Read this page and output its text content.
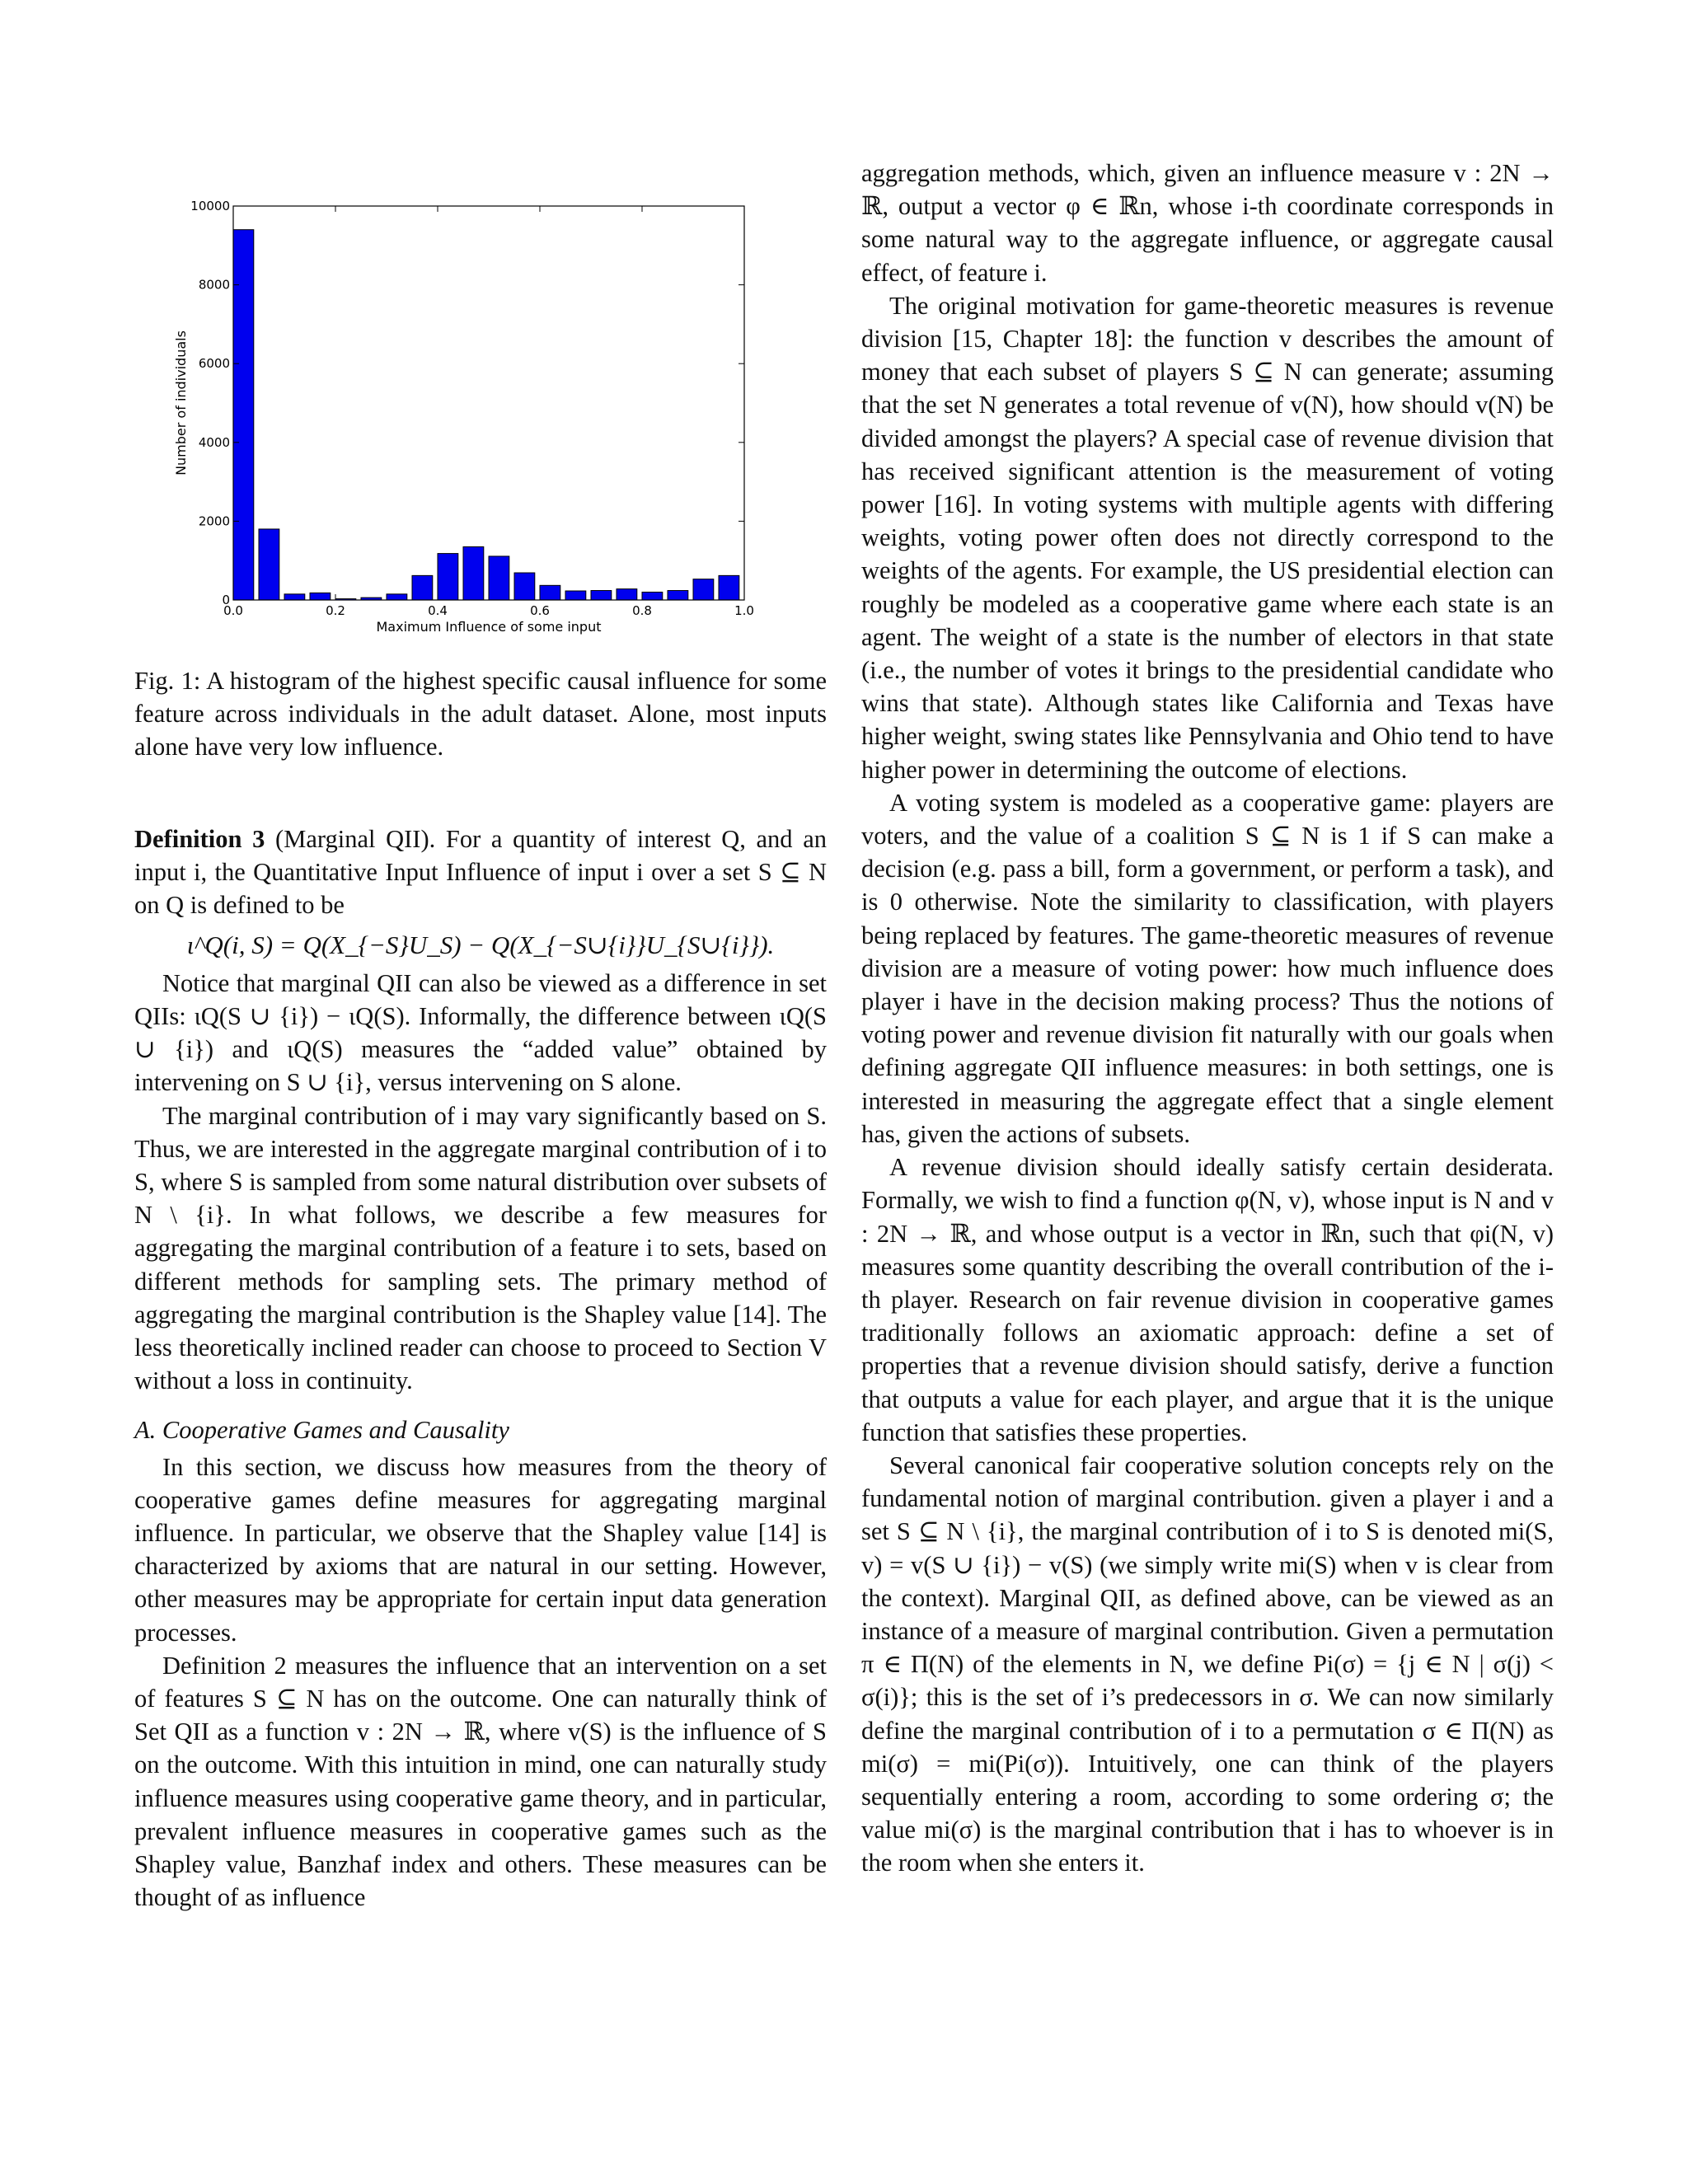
0.0	0.2	0.4	0.6	0.8	1.0
0
2000
4000
6000
8000
10000
Maximum Influence of some input
Number of individuals

Fig. 1: A histogram of the highest specific causal influence for some feature across individuals in the adult dataset. Alone, most inputs alone have very low influence.

Definition 3 (Marginal QII). For a quantity of interest Q, and an input i, the Quantitative Input Influence of input i over a set S ⊆ N on Q is defined to be
ι^Q(i, S) = Q(X_{−S}U_S) − Q(X_{−S∪{i}}U_{S∪{i}}).

Notice that marginal QII can also be viewed as a difference in set QIIs: ιQ(S ∪ {i}) − ιQ(S). Informally, the difference between ιQ(S ∪ {i}) and ιQ(S) measures the “added value” obtained by intervening on S ∪ {i}, versus intervening on S alone.

The marginal contribution of i may vary significantly based on S. Thus, we are interested in the aggregate marginal contribution of i to S, where S is sampled from some natural distribution over subsets of N \ {i}. In what follows, we describe a few measures for aggregating the marginal contribution of a feature i to sets, based on different methods for sampling sets. The primary method of aggregating the marginal contribution is the Shapley value [14]. The less theoretically inclined reader can choose to proceed to Section V without a loss in continuity.

A. Cooperative Games and Causality

In this section, we discuss how measures from the theory of cooperative games define measures for aggregating marginal influence. In particular, we observe that the Shapley value [14] is characterized by axioms that are natural in our setting. However, other measures may be appropriate for certain input data generation processes.

Definition 2 measures the influence that an intervention on a set of features S ⊆ N has on the outcome. One can naturally think of Set QII as a function v : 2N → ℝ, where v(S) is the influence of S on the outcome. With this intuition in mind, one can naturally study influence measures using cooperative game theory, and in particular, prevalent influence measures in cooperative games such as the Shapley value, Banzhaf index and others. These measures can be thought of as influence

aggregation methods, which, given an influence measure v : 2N → ℝ, output a vector φ ∈ ℝn, whose i-th coordinate corresponds in some natural way to the aggregate influence, or aggregate causal effect, of feature i.

The original motivation for game-theoretic measures is revenue division [15, Chapter 18]: the function v describes the amount of money that each subset of players S ⊆ N can generate; assuming that the set N generates a total revenue of v(N), how should v(N) be divided amongst the players? A special case of revenue division that has received significant attention is the measurement of voting power [16]. In voting systems with multiple agents with differing weights, voting power often does not directly correspond to the weights of the agents. For example, the US presidential election can roughly be modeled as a cooperative game where each state is an agent. The weight of a state is the number of electors in that state (i.e., the number of votes it brings to the presidential candidate who wins that state). Although states like California and Texas have higher weight, swing states like Pennsylvania and Ohio tend to have higher power in determining the outcome of elections.

A voting system is modeled as a cooperative game: players are voters, and the value of a coalition S ⊆ N is 1 if S can make a decision (e.g. pass a bill, form a government, or perform a task), and is 0 otherwise. Note the similarity to classification, with players being replaced by features. The game-theoretic measures of revenue division are a measure of voting power: how much influence does player i have in the decision making process? Thus the notions of voting power and revenue division fit naturally with our goals when defining aggregate QII influence measures: in both settings, one is interested in measuring the aggregate effect that a single element has, given the actions of subsets.

A revenue division should ideally satisfy certain desiderata. Formally, we wish to find a function φ(N, v), whose input is N and v : 2N → ℝ, and whose output is a vector in ℝn, such that φi(N, v) measures some quantity describing the overall contribution of the i-th player. Research on fair revenue division in cooperative games traditionally follows an axiomatic approach: define a set of properties that a revenue division should satisfy, derive a function that outputs a value for each player, and argue that it is the unique function that satisfies these properties.

Several canonical fair cooperative solution concepts rely on the fundamental notion of marginal contribution. given a player i and a set S ⊆ N \ {i}, the marginal contribution of i to S is denoted mi(S, v) = v(S ∪ {i}) − v(S) (we simply write mi(S) when v is clear from the context). Marginal QII, as defined above, can be viewed as an instance of a measure of marginal contribution. Given a permutation π ∈ Π(N) of the elements in N, we define Pi(σ) = {j ∈ N | σ(j) < σ(i)}; this is the set of i’s predecessors in σ. We can now similarly define the marginal contribution of i to a permutation σ ∈ Π(N) as mi(σ) = mi(Pi(σ)). Intuitively, one can think of the players sequentially entering a room, according to some ordering σ; the value mi(σ) is the marginal contribution that i has to whoever is in the room when she enters it.
